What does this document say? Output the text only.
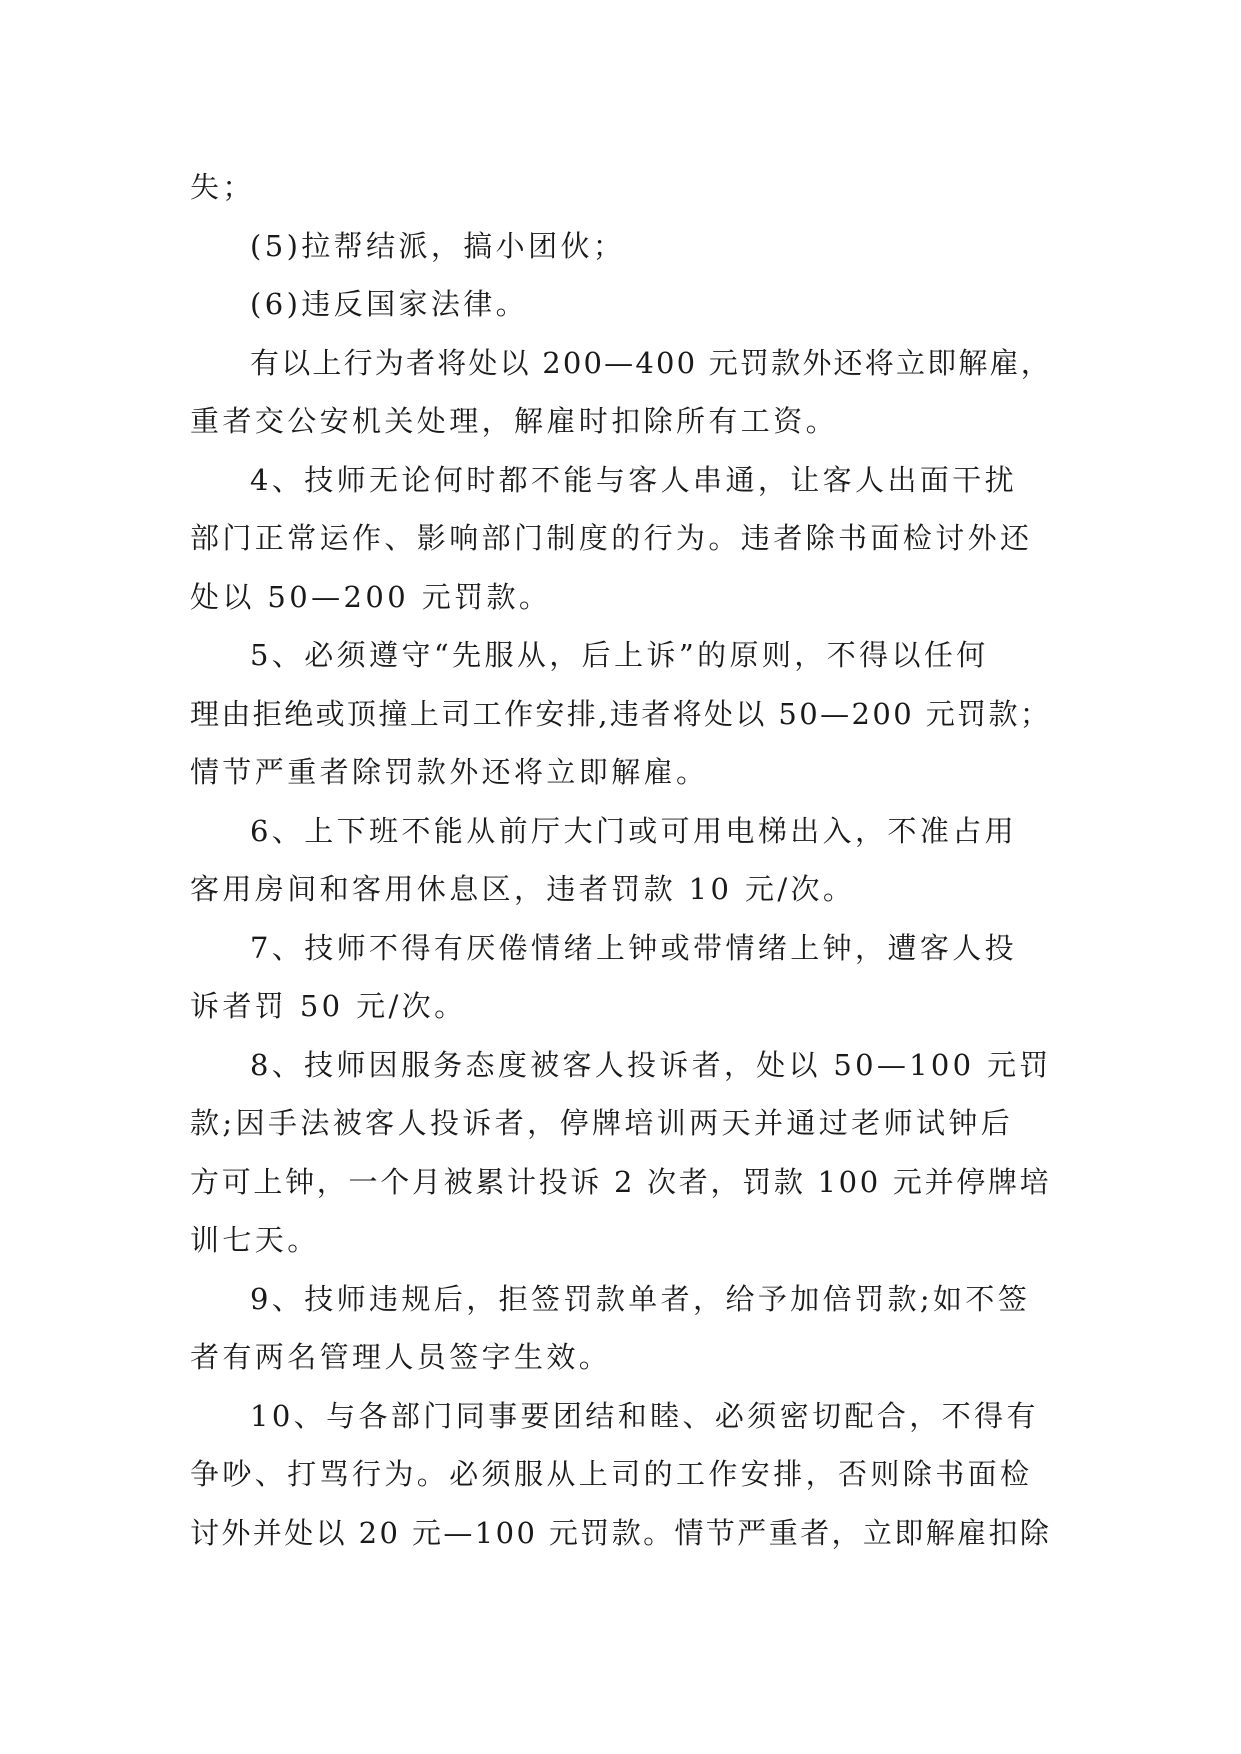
失；
(5)拉帮结派，搞小团伙；
(6)违反国家法律。
有以上行为者将处以 200—400 元罚款外还将立即解雇，
重者交公安机关处理，解雇时扣除所有工资。
4、技师无论何时都不能与客人串通，让客人出面干扰
部门正常运作、影响部门制度的行为。违者除书面检讨外还
处以 50—200 元罚款。
5、必须遵守“先服从，后上诉”的原则，不得以任何
理由拒绝或顶撞上司工作安排,违者将处以 50—200 元罚款；
情节严重者除罚款外还将立即解雇。
6、上下班不能从前厅大门或可用电梯出入，不准占用
客用房间和客用休息区，违者罚款 10 元/次。
7、技师不得有厌倦情绪上钟或带情绪上钟，遭客人投
诉者罚 50 元/次。
8、技师因服务态度被客人投诉者，处以 50—100 元罚
款;因手法被客人投诉者，停牌培训两天并通过老师试钟后
方可上钟，一个月被累计投诉 2 次者，罚款 100 元并停牌培
训七天。
9、技师违规后，拒签罚款单者，给予加倍罚款;如不签
者有两名管理人员签字生效。
10、与各部门同事要团结和睦、必须密切配合，不得有
争吵、打骂行为。必须服从上司的工作安排，否则除书面检
讨外并处以 20 元—100 元罚款。情节严重者，立即解雇扣除
